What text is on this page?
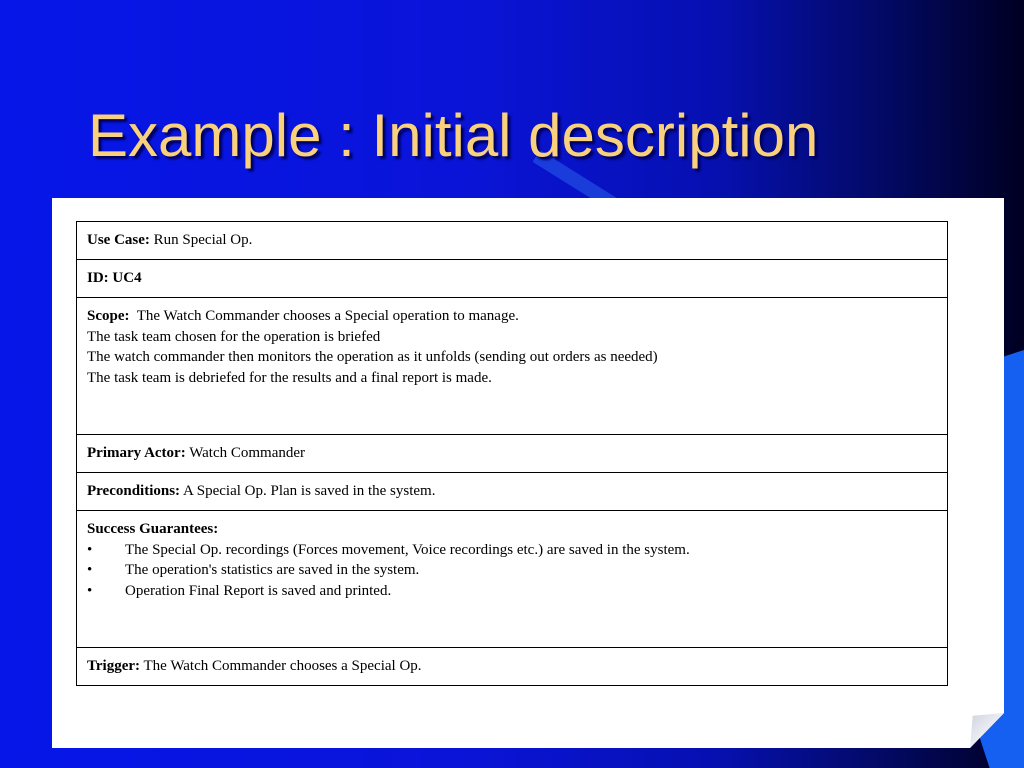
Example : Initial description
Use Case: Run Special Op.
ID: UC4

Scope: The Watch Commander chooses a Special operation to manage.
The task team chosen for the operation is briefed
The watch commander then monitors the operation as it unfolds (sending out orders as needed)
The task team is debriefed for the results and a final report is made.

Primary Actor: Watch Commander
Preconditions: A Special Op. Plan is saved in the system.

Success Guarantees:
• The Special Op. recordings (Forces movement, Voice recordings etc.) are saved in the system.
• The operation's statistics are saved in the system.
• Operation Final Report is saved and printed.

Trigger: The Watch Commander chooses a Special Op.
